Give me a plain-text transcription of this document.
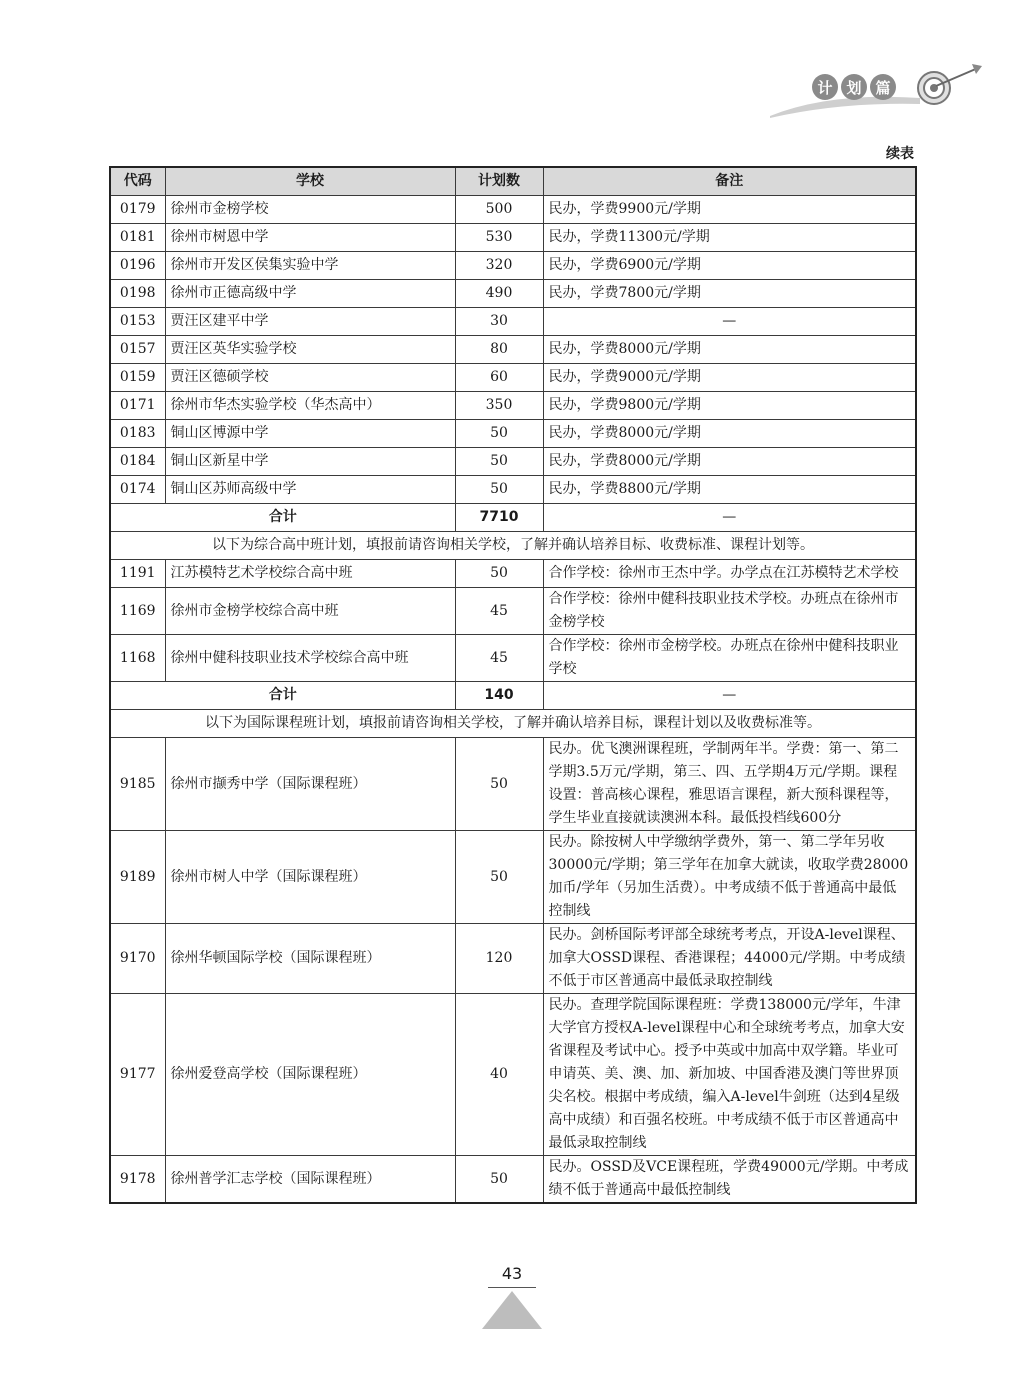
计 划 篇
续表
代码	学校	计划数	备注
0179	徐州市金榜学校	500	民办，学费9900元/学期
0181	徐州市树恩中学	530	民办，学费11300元/学期
0196	徐州市开发区侯集实验中学	320	民办，学费6900元/学期
0198	徐州市正德高级中学	490	民办，学费7800元/学期
0153	贾汪区建平中学	30	—
0157	贾汪区英华实验学校	80	民办，学费8000元/学期
0159	贾汪区德硕学校	60	民办，学费9000元/学期
0171	徐州市华杰实验学校（华杰高中）	350	民办，学费9800元/学期
0183	铜山区博源中学	50	民办，学费8000元/学期
0184	铜山区新星中学	50	民办，学费8000元/学期
0174	铜山区苏师高级中学	50	民办，学费8800元/学期
合计		7710	—
以下为综合高中班计划，填报前请咨询相关学校，了解并确认培养目标、收费标准、课程计划等。			
1191	江苏模特艺术学校综合高中班	50	合作学校：徐州市王杰中学。办学点在江苏模特艺术学校
1169	徐州市金榜学校综合高中班	45	合作学校：徐州中健科技职业技术学校。办班点在徐州市金榜学校
1168	徐州中健科技职业技术学校综合高中班	45	合作学校：徐州市金榜学校。办班点在徐州中健科技职业学校
合计		140	—
以下为国际课程班计划，填报前请咨询相关学校，了解并确认培养目标，课程计划以及收费标准等。			
9185	徐州市撷秀中学（国际课程班）	50	民办。优飞澳洲课程班，学制两年半。学费：第一、第二学期3.5万元/学期，第三、四、五学期4万元/学期。课程设置：普高核心课程，雅思语言课程，新大预科课程等，学生毕业直接就读澳洲本科。最低投档线600分
9189	徐州市树人中学（国际课程班）	50	民办。除按树人中学缴纳学费外，第一、第二学年另收30000元/学期；第三学年在加拿大就读，收取学费28000加币/学年（另加生活费）。中考成绩不低于普通高中最低控制线
9170	徐州华顿国际学校（国际课程班）	120	民办。剑桥国际考评部全球统考考点，开设A-level课程、加拿大OSSD课程、香港课程；44000元/学期。中考成绩不低于市区普通高中最低录取控制线
9177	徐州爱登高学校（国际课程班）	40	民办。查理学院国际课程班：学费138000元/学年，牛津大学官方授权A-level课程中心和全球统考考点，加拿大安省课程及考试中心。授予中英或中加高中双学籍。毕业可申请英、美、澳、加、新加坡、中国香港及澳门等世界顶尖名校。根据中考成绩，编入A-level牛剑班（达到4星级高中成绩）和百强名校班。中考成绩不低于市区普通高中最低录取控制线
9178	徐州普学汇志学校（国际课程班）	50	民办。OSSD及VCE课程班，学费49000元/学期。中考成绩不低于普通高中最低控制线
43
